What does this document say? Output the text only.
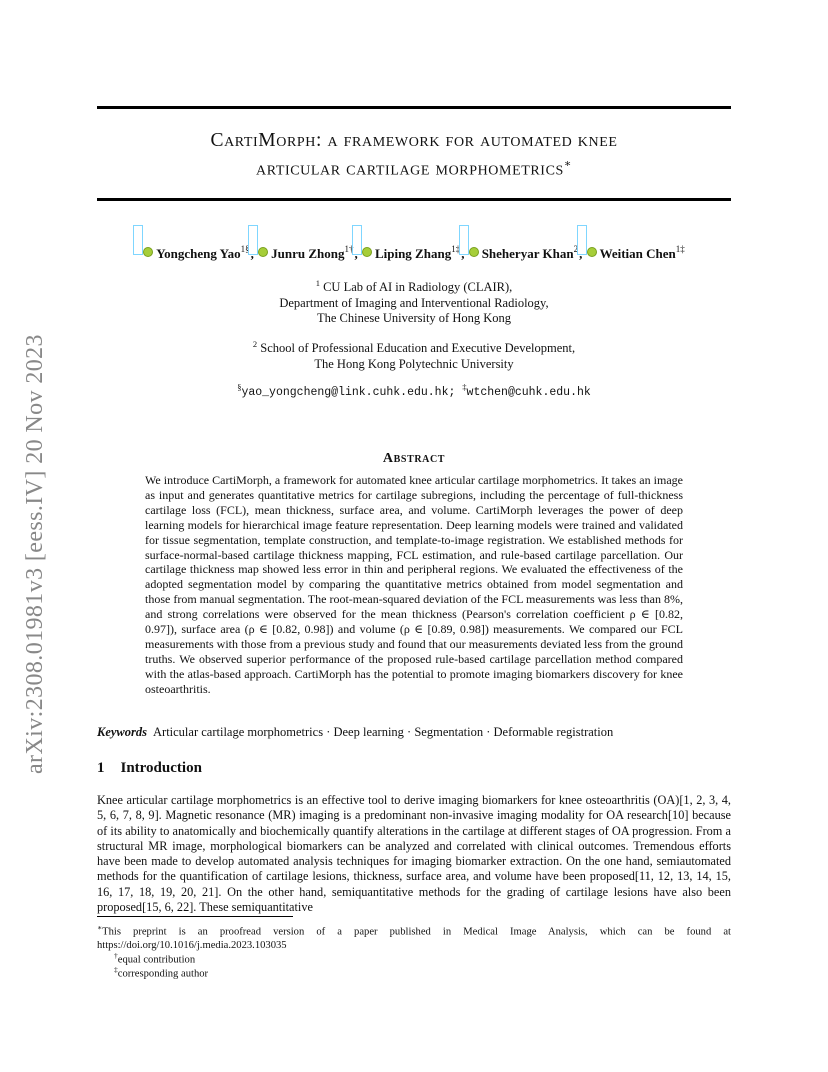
arXiv:2308.01981v3 [eess.IV] 20 Nov 2023
CartiMorph: a framework for automated knee
articular cartilage morphometrics∗
Yongcheng Yao$^{1\S}$, Junru Zhong$^{1\dagger}$, Liping Zhang$^{1\ddagger}$, Sheheryar Khan$^2$, Weitian Chen$^{1\ddagger}$
$^1$ CU Lab of AI in Radiology (CLAIR),
Department of Imaging and Interventional Radiology,
The Chinese University of Hong Kong
$^2$ School of Professional Education and Executive Development,
The Hong Kong Polytechnic University
§yao_yongcheng@link.cuhk.edu.hk; ‡wtchen@cuhk.edu.hk
Abstract
We introduce CartiMorph, a framework for automated knee articular cartilage morphometrics. It takes an image as input and generates quantitative metrics for cartilage subregions, including the percentage of full-thickness cartilage loss (FCL), mean thickness, surface area, and volume. CartiMorph leverages the power of deep learning models for hierarchical image feature representation. Deep learning models were trained and validated for tissue segmentation, template construction, and template-to-image registration. We established methods for surface-normal-based cartilage thickness mapping, FCL estimation, and rule-based cartilage parcellation. Our cartilage thickness map showed less error in thin and peripheral regions. We evaluated the effectiveness of the adopted segmentation model by comparing the quantitative metrics obtained from model segmentation and those from manual segmentation. The root-mean-squared deviation of the FCL measurements was less than 8%, and strong correlations were observed for the mean thickness (Pearson's correlation coefficient ρ ∈ [0.82, 0.97]), surface area (ρ ∈ [0.82, 0.98]) and volume (ρ ∈ [0.89, 0.98]) measurements. We compared our FCL measurements with those from a previous study and found that our measurements deviated less from the ground truths. We observed superior performance of the proposed rule-based cartilage parcellation method compared with the atlas-based approach. CartiMorph has the potential to promote imaging biomarkers discovery for knee osteoarthritis.
Keywords Articular cartilage morphometrics · Deep learning · Segmentation · Deformable registration
1 Introduction
Knee articular cartilage morphometrics is an effective tool to derive imaging biomarkers for knee osteoarthritis (OA)[1, 2, 3, 4, 5, 6, 7, 8, 9]. Magnetic resonance (MR) imaging is a predominant non-invasive imaging modality for OA research[10] because of its ability to anatomically and biochemically quantify alterations in the cartilage at different stages of OA progression. From a structural MR image, morphological biomarkers can be analyzed and correlated with clinical outcomes. Tremendous efforts have been made to develop automated analysis techniques for imaging biomarker extraction. On the one hand, semiautomated methods for the quantification of cartilage lesions, thickness, surface area, and volume have been proposed[11, 12, 13, 14, 15, 16, 17, 18, 19, 20, 21]. On the other hand, semiquantitative methods for the grading of cartilage lesions have also been proposed[15, 6, 22]. These semiquantitative
∗This preprint is an proofread version of a paper published in Medical Image Analysis, which can be found at https://doi.org/10.1016/j.media.2023.103035
†equal contribution
‡corresponding author
